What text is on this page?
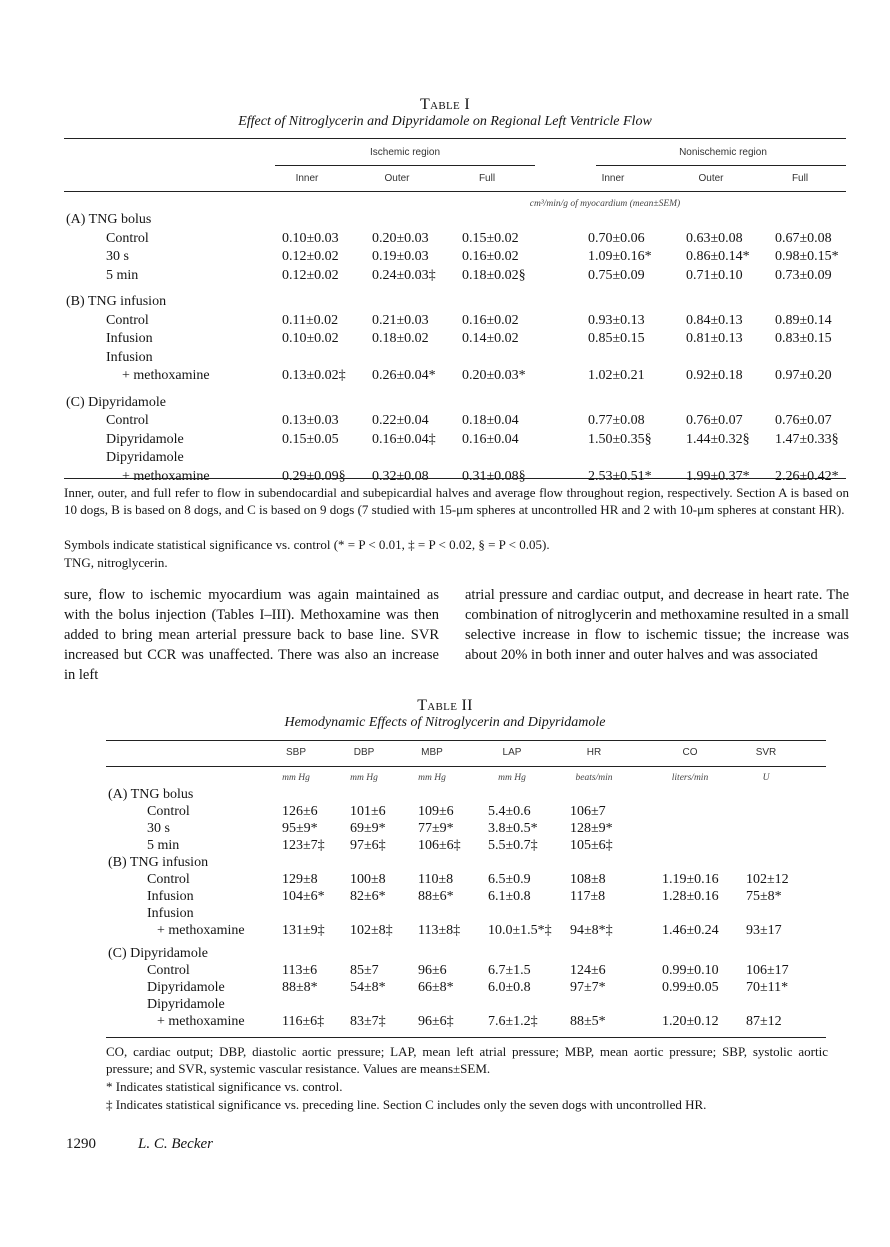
Table I
Effect of Nitroglycerin and Dipyridamole on Regional Left Ventricle Flow
Ischemic region	Nonischemic region
Inner	Outer	Full	Inner	Outer	Full
cm³/min/g of myocardium (mean±SEM)
(A) TNG bolus
Control	0.10±0.03 0.20±0.03 0.15±0.02	0.70±0.06	0.63±0.08 0.67±0.08
30 s	0.12±0.02 0.19±0.03 0.16±0.02	1.09±0.16* 0.86±0.14* 0.98±0.15*
5 min	0.12±0.02 0.24±0.03‡ 0.18±0.02§	0.75±0.09	0.71±0.10 0.73±0.09
(B) TNG infusion
Control	0.11±0.02 0.21±0.03 0.16±0.02	0.93±0.13	0.84±0.13 0.89±0.14
Infusion	0.10±0.02 0.18±0.02 0.14±0.02	0.85±0.15	0.81±0.13 0.83±0.15
Infusion
+ methoxamine	0.13±0.02‡ 0.26±0.04* 0.20±0.03*	1.02±0.21	0.92±0.18 0.97±0.20
(C) Dipyridamole
Control	0.13±0.03 0.22±0.04 0.18±0.04	0.77±0.08	0.76±0.07 0.76±0.07
Dipyridamole	0.15±0.05 0.16±0.04‡ 0.16±0.04	1.50±0.35§ 1.44±0.32§ 1.47±0.33§
Dipyridamole
+ methoxamine	0.29±0.09§ 0.32±0.08 0.31±0.08§	2.53±0.51* 1.99±0.37* 2.26±0.42*
Inner, outer, and full refer to flow in subendocardial and subepicardial halves and average flow throughout region, respectively. Section A is based on 10 dogs, B is based on 8 dogs, and C is based on 9 dogs (7 studied with 15-μm spheres at uncontrolled HR and 2 with 10-μm spheres at constant HR).
Symbols indicate statistical significance vs. control (* = P < 0.01, ‡ = P < 0.02, § = P < 0.05).
TNG, nitroglycerin.
sure, flow to ischemic myocardium was again maintained as with the bolus injection (Tables I–III). Methoxamine was then added to bring mean arterial pressure back to base line. SVR increased but CCR was unaffected. There was also an increase in left
atrial pressure and cardiac output, and decrease in heart rate. The combination of nitroglycerin and methoxamine resulted in a small selective increase in flow to ischemic tissue; the increase was about 20% in both inner and outer halves and was associated
Table II
Hemodynamic Effects of Nitroglycerin and Dipyridamole
SBP	DBP	MBP	LAP	HR	CO	SVR
mm Hg	mm Hg	mm Hg	mm Hg	beats/min	liters/min	U
(A) TNG bolus
Control	126±6 101±6 109±6 5.4±0.6	106±7
30 s	95±9* 69±9* 77±9* 3.8±0.5* 128±9*
5 min	123±7‡ 97±6‡ 106±6‡ 5.5±0.7‡ 105±6‡
(B) TNG infusion
Control	129±8 100±8 110±8 6.5±0.9	108±8	1.19±0.16 102±12
Infusion	104±6* 82±6* 88±6* 6.1±0.8	117±8	1.28±0.16 75±8*
Infusion
+ methoxamine	131±9‡ 102±8‡ 113±8‡ 10.0±1.5*‡ 94±8*‡	1.46±0.24 93±17
(C) Dipyridamole
Control	113±6 85±7	96±6	6.7±1.5	124±6	0.99±0.10 106±17
Dipyridamole	88±8* 54±8* 66±8* 6.0±0.8	97±7*	0.99±0.05 70±11*
Dipyridamole
+ methoxamine	116±6‡ 83±7‡ 96±6‡ 7.6±1.2‡ 88±5*	1.20±0.12 87±12
CO, cardiac output; DBP, diastolic aortic pressure; LAP, mean left atrial pressure; MBP, mean aortic pressure; SBP, systolic aortic pressure; and SVR, systemic vascular resistance. Values are means±SEM.
* Indicates statistical significance vs. control.
‡ Indicates statistical significance vs. preceding line. Section C includes only the seven dogs with uncontrolled HR.
1290	L. C. Becker
